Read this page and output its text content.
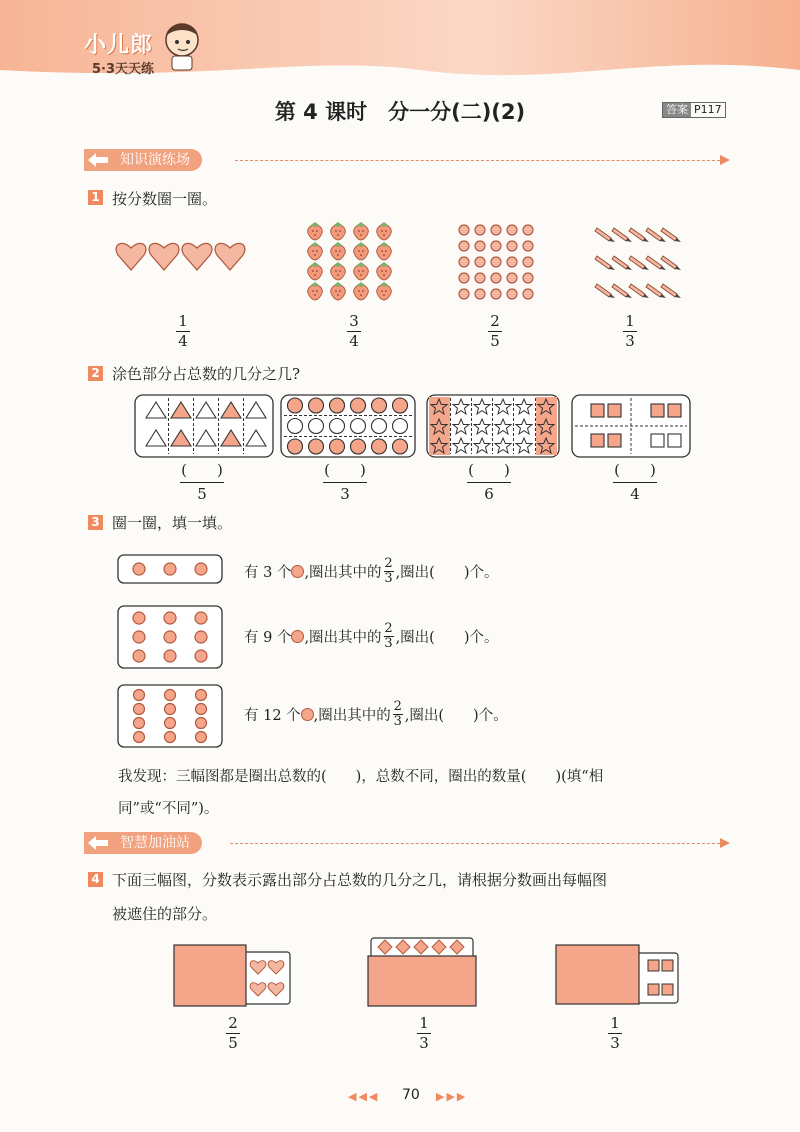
小儿郎
5·3天天练
第 4 课时　分一分(二)(2)	答案 P117
知识演练场
1 按分数圈一圈。
1
4
3
4
2
5
1
3
2 涂色部分占总数的几分之几?
(　　)
5
(　　)
3
(　　)
6
(　　)
4
3 圈一圈，填一填。
有 3 个 ,圈出其中的 $\frac{2}{3}$ ,圈出(　　)个。
有 9 个 ,圈出其中的 $\frac{2}{3}$ ,圈出(　　)个。
有 12 个 ,圈出其中的 $\frac{2}{3}$ ,圈出(　　)个。
我发现：三幅图都是圈出总数的(　　)，总数不同，圈出的数量(　　)(填“相
同”或“不同”)。
智慧加油站
4 下面三幅图，分数表示露出部分占总数的几分之几，请根据分数画出每幅图
被遮住的部分。
2
5
1
3
1
3
◀◀◀ 70 ▶▶▶
